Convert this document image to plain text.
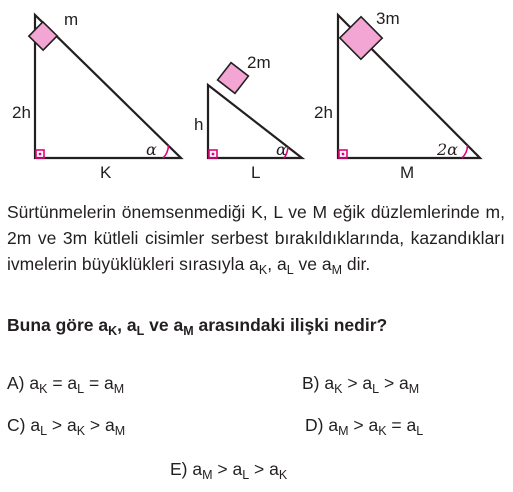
m
2h
K
α
2m
h
L
α
3m
2h
M
2α

Sürtünmelerin önemsenmediği K, L ve M eğik düzlemlerinde m, 2m ve 3m kütleli cisimler serbest bırakıldıklarında, kazandıkları ivmelerin büyüklükleri sırasıyla $a_K$, $a_L$ ve $a_M$ dir.

Buna göre $a_K$, $a_L$ ve $a_M$ arasındaki ilişki nedir?
A) $a_K = a_L = a_M$	B) $a_K > a_L > a_M$
C) $a_L > a_K > a_M$	D) $a_M > a_K = a_L$
E) $a_M > a_L > a_K$
